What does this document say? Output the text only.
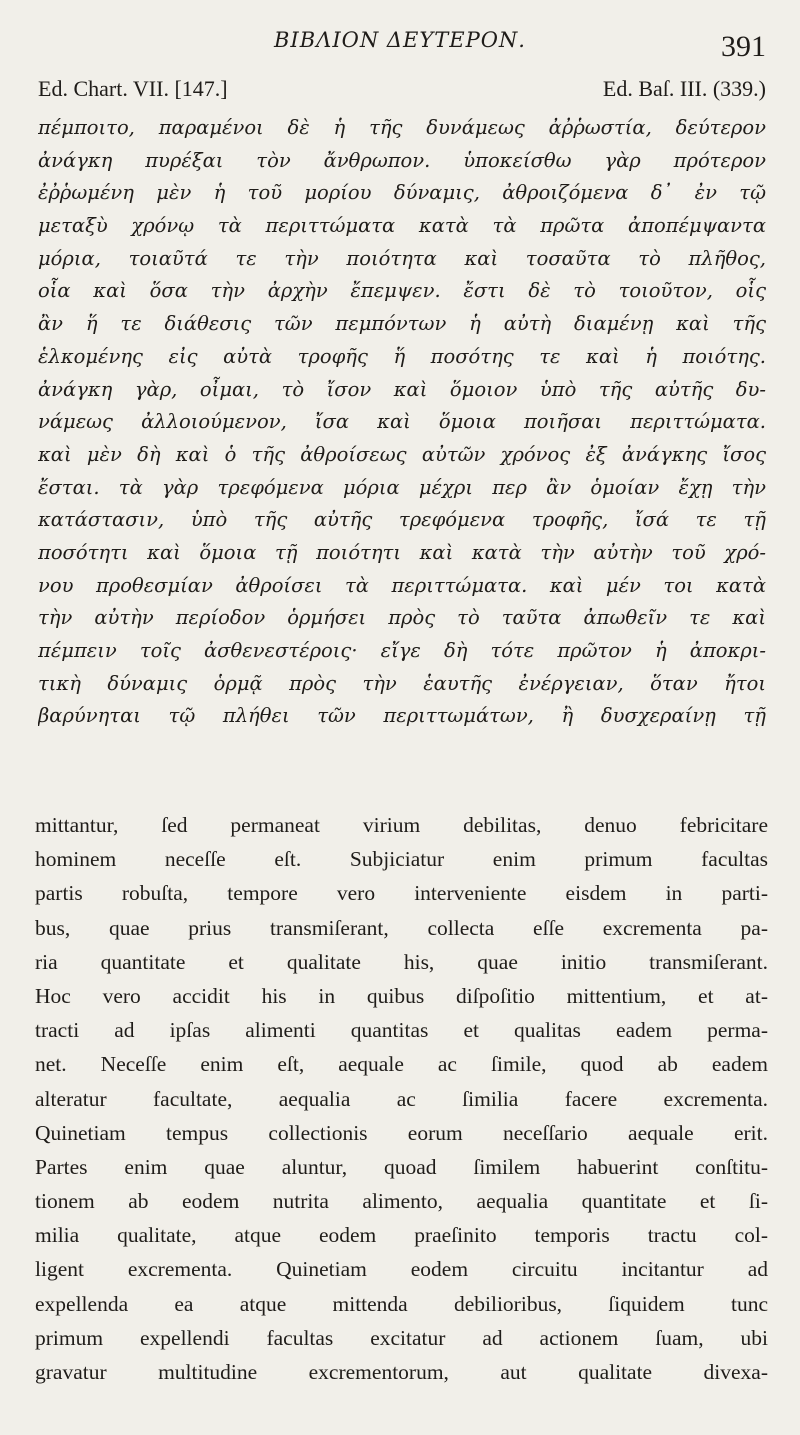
ΒΙΒΛΙΟΝ ΔΕΥΤΕΡΟΝ.	391
Ed. Chart. VII. [147.]	Ed. Baſ. III. (339.)
πέμποιτο, παραμένοι δὲ ἡ τῆς δυνάμεως ἀῤῥωστία, δεύτερον
ἀνάγκη πυρέξαι τὸν ἄνθρωπον. ὑποκείσθω γὰρ πρότερον
ἐῤῥωμένη μὲν ἡ τοῦ μορίου δύναμις, ἀθροιζόμενα δ᾽ ἐν τῷ
μεταξὺ χρόνῳ τὰ περιττώματα κατὰ τὰ πρῶτα ἀποπέμψαντα
μόρια, τοιαῦτά τε τὴν ποιότητα καὶ τοσαῦτα τὸ πλῆθος,
οἷα καὶ ὅσα τὴν ἀρχὴν ἔπεμψεν. ἔστι δὲ τὸ τοιοῦτον, οἷς
ἂν ἥ τε διάθεσις τῶν πεμπόντων ἡ αὐτὴ διαμένῃ καὶ τῆς
ἑλκομένης εἰς αὐτὰ τροφῆς ἥ ποσότης τε καὶ ἡ ποιότης.
ἀνάγκη γὰρ, οἶμαι, τὸ ἴσον καὶ ὅμοιον ὑπὸ τῆς αὐτῆς δυ-
νάμεως ἀλλοιούμενον, ἴσα καὶ ὅμοια ποιῆσαι περιττώματα.
καὶ μὲν δὴ καὶ ὁ τῆς ἀθροίσεως αὐτῶν χρόνος ἐξ ἀνάγκης ἴσος
ἔσται. τὰ γὰρ τρεφόμενα μόρια μέχρι περ ἂν ὁμοίαν ἔχῃ τὴν
κατάστασιν, ὑπὸ τῆς αὐτῆς τρεφόμενα τροφῆς, ἴσά τε τῇ
ποσότητι καὶ ὅμοια τῇ ποιότητι καὶ κατὰ τὴν αὐτὴν τοῦ χρό-
νου προθεσμίαν ἀθροίσει τὰ περιττώματα. καὶ μέν τοι κατὰ
τὴν αὐτὴν περίοδον ὁρμήσει πρὸς τὸ ταῦτα ἀπωθεῖν τε καὶ
πέμπειν τοῖς ἀσθενεστέροις· εἴγε δὴ τότε πρῶτον ἡ ἀποκρι-
τικὴ δύναμις ὁρμᾷ πρὸς τὴν ἑαυτῆς ἐνέργειαν, ὅταν ἤτοι
βαρύνηται τῷ πλήθει τῶν περιττωμάτων, ἢ δυσχεραίνῃ τῇ
mittantur, ſed permaneat virium debilitas, denuo febricitare
hominem neceſſe eſt. Subjiciatur enim primum facultas
partis robuſta, tempore vero interveniente eisdem in parti-
bus, quae prius transmiſerant, collecta eſſe excrementa pa-
ria quantitate et qualitate his, quae initio transmiſerant.
Hoc vero accidit his in quibus diſpoſitio mittentium, et at-
tracti ad ipſas alimenti quantitas et qualitas eadem perma-
net. Neceſſe enim eſt, aequale ac ſimile, quod ab eadem
alteratur facultate, aequalia ac ſimilia facere excrementa.
Quinetiam tempus collectionis eorum neceſſario aequale erit.
Partes enim quae aluntur, quoad ſimilem habuerint conſtitu-
tionem ab eodem nutrita alimento, aequalia quantitate et ſi-
milia qualitate, atque eodem praeſinito temporis tractu col-
ligent excrementa. Quinetiam eodem circuitu incitantur ad
expellenda ea atque mittenda debilioribus, ſiquidem tunc
primum expellendi facultas excitatur ad actionem ſuam, ubi
gravatur multitudine excrementorum, aut qualitate divexa-
